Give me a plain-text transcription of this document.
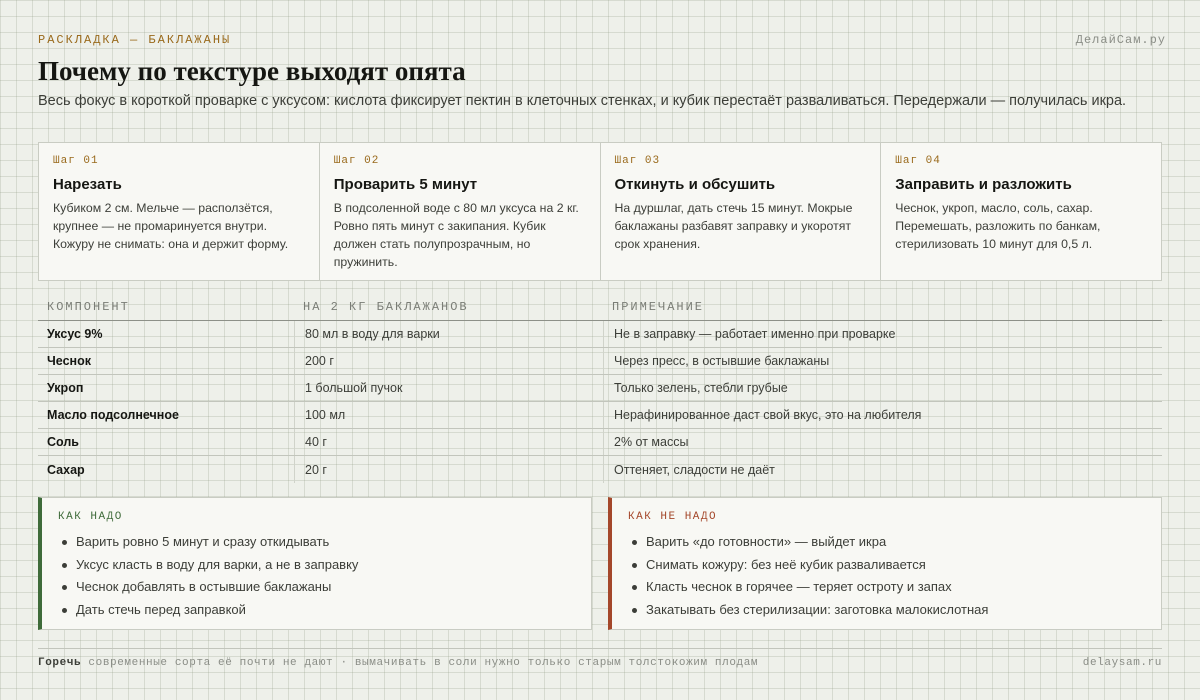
РАСКЛАДКА — БАКЛАЖАНЫ	ДелайСам.ру
Почему по текстуре выходят опята

Весь фокус в короткой проварке с уксусом: кислота фиксирует пектин в клеточных стенках, и кубик перестаёт разваливаться. Передержали — получилась икра.

Шаг 01
Нарезать
Кубиком 2 см. Мельче — расползётся, крупнее — не промаринуется внутри. Кожуру не снимать: она и держит форму.
Шаг 02
Проварить 5 минут
В подсоленной воде с 80 мл уксуса на 2 кг. Ровно пять минут с закипания. Кубик должен стать полупрозрачным, но пружинить.
Шаг 03
Откинуть и обсушить
На дуршлаг, дать стечь 15 минут. Мокрые баклажаны разбавят заправку и укоротят срок хранения.
Шаг 04
Заправить и разложить
Чеснок, укроп, масло, соль, сахар. Перемешать, разложить по банкам, стерилизовать 10 минут для 0,5 л.
КОМПОНЕНТ	НА 2 КГ БАКЛАЖАНОВ	ПРИМЕЧАНИЕ
Уксус 9%	80 мл в воду для варки	Не в заправку — работает именно при проварке
Чеснок	200 г	Через пресс, в остывшие баклажаны
Укроп	1 большой пучок	Только зелень, стебли грубые
Масло подсолнечное	100 мл	Нерафинированное даст свой вкус, это на любителя
Соль	40 г	2% от массы
Сахар	20 г	Оттеняет, сладости не даёт
КАК НАДО
Варить ровно 5 минут и сразу откидывать
Уксус класть в воду для варки, а не в заправку
Чеснок добавлять в остывшие баклажаны
Дать стечь перед заправкой
КАК НЕ НАДО
Варить «до готовности» — выйдет икра
Снимать кожуру: без неё кубик разваливается
Класть чеснок в горячее — теряет остроту и запах
Закатывать без стерилизации: заготовка малокислотная
Горечь современные сорта её почти не дают · вымачивать в соли нужно только старым толстокожим плодам	delaysam.ru
